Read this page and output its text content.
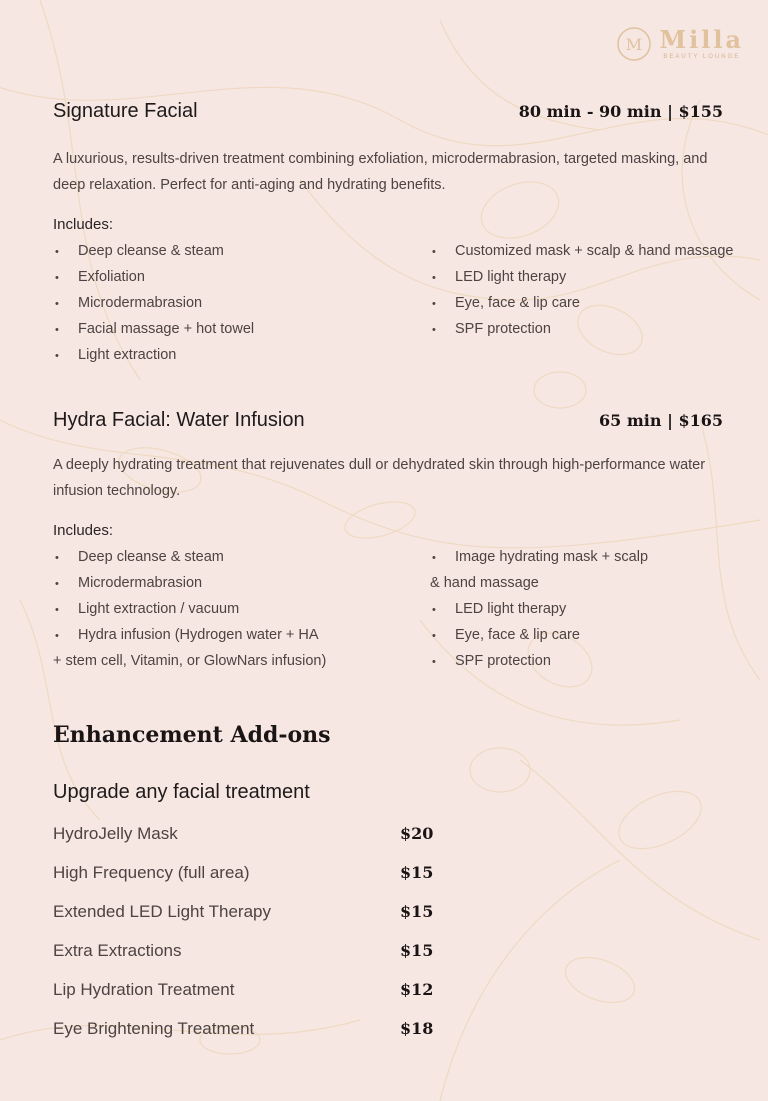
M Milla
BEAUTY LOUNGE
Signature Facial	80 min - 90 min | $155
A luxurious, results-driven treatment combining exfoliation, microdermabrasion, targeted masking, and deep relaxation. Perfect for anti-aging and hydrating benefits.
Includes:
• Deep cleanse & steam
• Exfoliation
• Microdermabrasion
• Facial massage + hot towel
• Light extraction
• Customized mask + scalp & hand massage
• LED light therapy
• Eye, face & lip care
• SPF protection
Hydra Facial: Water Infusion	65 min | $165
A deeply hydrating treatment that rejuvenates dull or dehydrated skin through high-performance water infusion technology.
Includes:
• Deep cleanse & steam
• Microdermabrasion
• Light extraction / vacuum
• Hydra infusion (Hydrogen water + HA
+ stem cell, Vitamin, or GlowNars infusion)
• Image hydrating mask + scalp
& hand massage
• LED light therapy
• Eye, face & lip care
• SPF protection
Enhancement Add-ons
Upgrade any facial treatment
HydroJelly Mask	$20
High Frequency (full area)	$15
Extended LED Light Therapy	$15
Extra Extractions	$15
Lip Hydration Treatment	$12
Eye Brightening Treatment	$18
